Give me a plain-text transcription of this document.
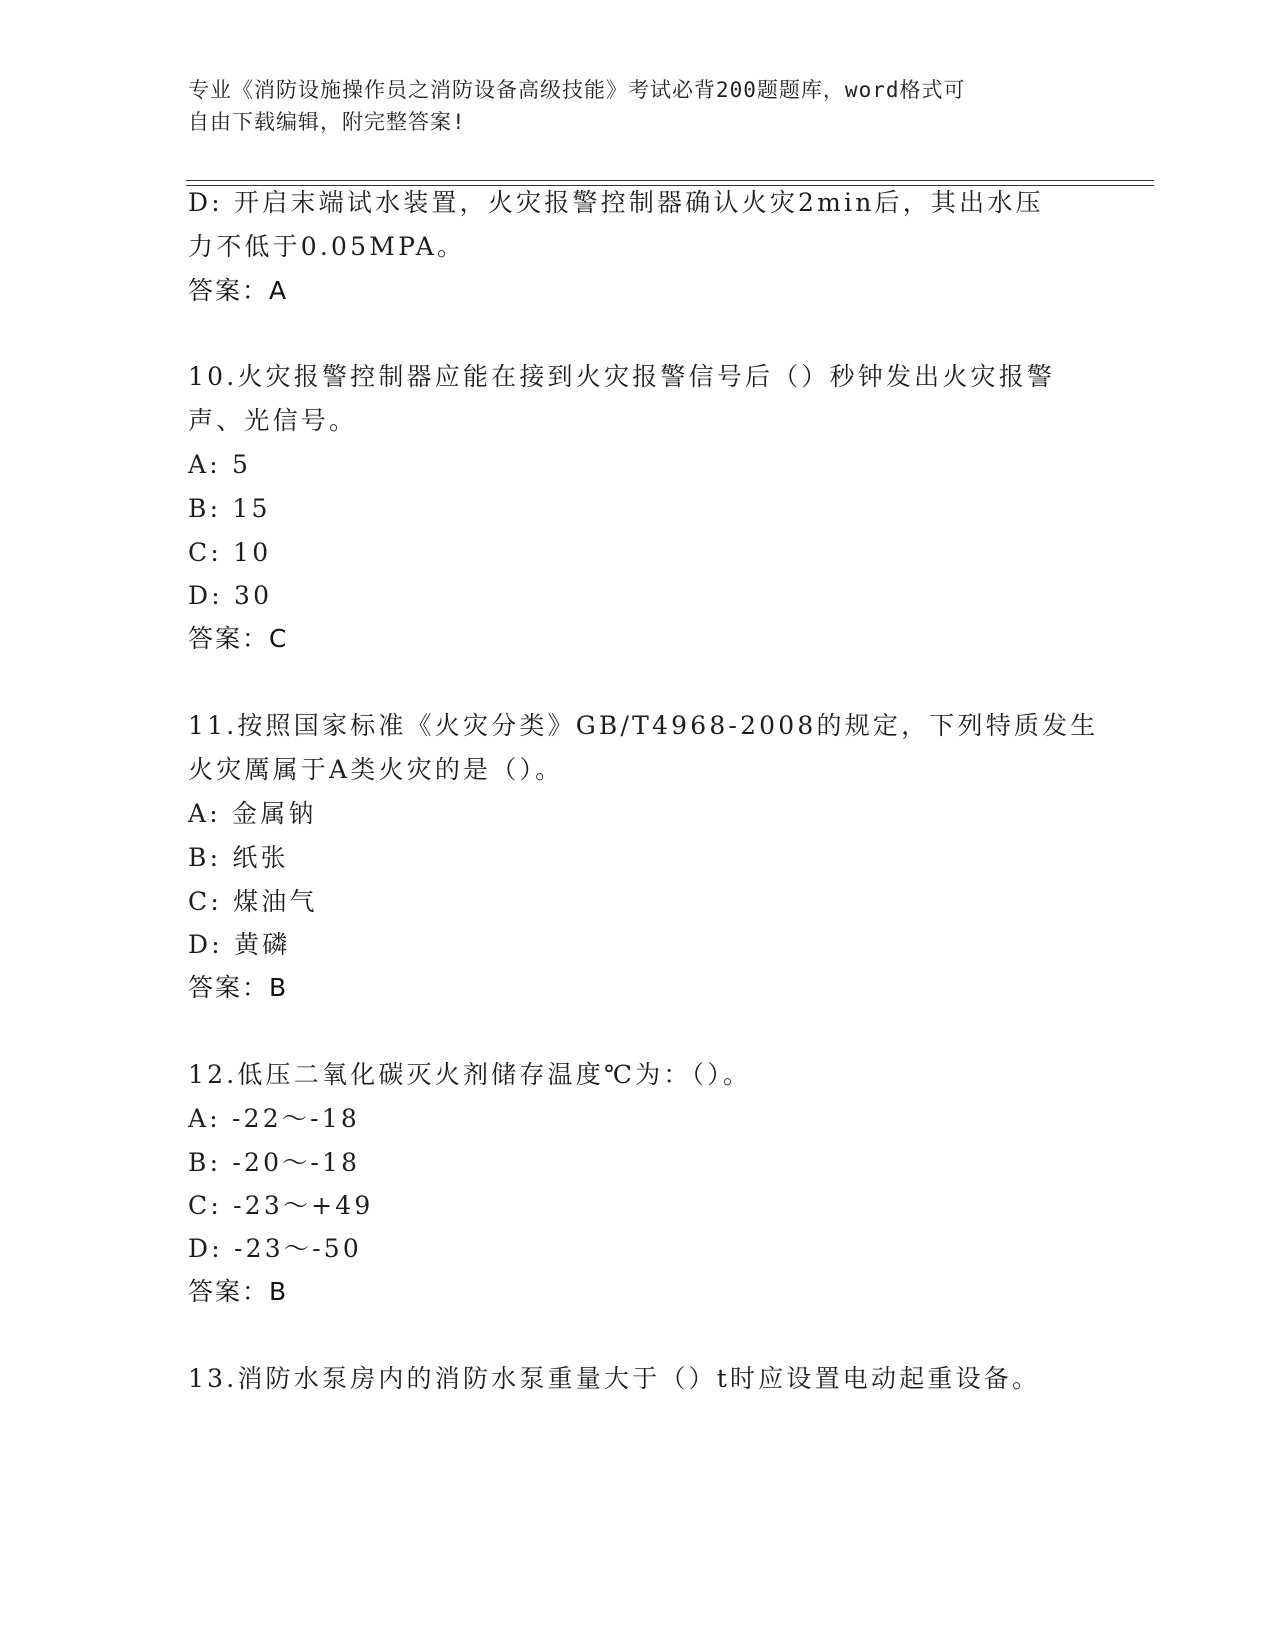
专业《消防设施操作员之消防设备高级技能》考试必背200题题库，word格式可
自由下载编辑，附完整答案!
D: 开启末端试水装置，火灾报警控制器确认火灾2min后，其出水压
力不低于0.05MPA。
答案：A
10.火灾报警控制器应能在接到火灾报警信号后（）秒钟发出火灾报警
声、光信号。
A: 5
B: 15
C: 10
D: 30
答案：C
11.按照国家标准《火灾分类》GB/T4968-2008的规定，下列特质发生
火灾厲属于A类火灾的是（）。
A: 金属钠
B: 纸张
C: 煤油气
D: 黄磷
答案：B
12.低压二氧化碳灭火剂储存温度℃为：（）。
A: -22～-18
B: -20～-18
C: -23～+49
D: -23～-50
答案：B
13.消防水泵房内的消防水泵重量大于（）t时应设置电动起重设备。
